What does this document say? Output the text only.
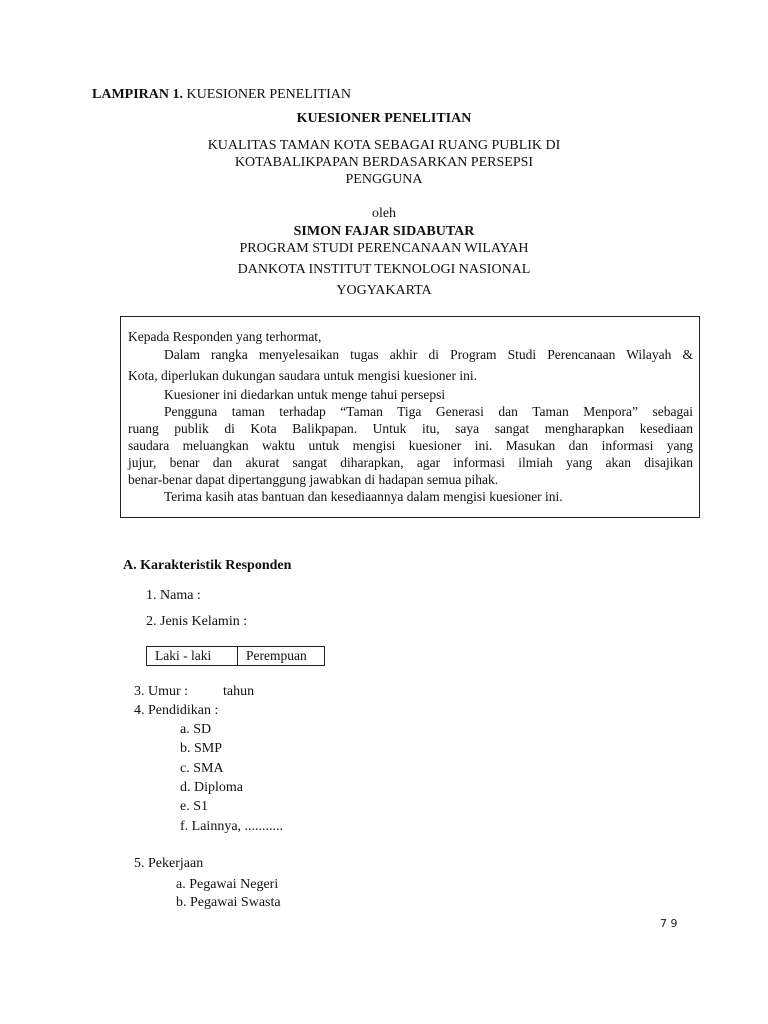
LAMPIRAN 1. KUESIONER PENELITIAN
KUESIONER PENELITIAN
KUALITAS TAMAN KOTA SEBAGAI RUANG PUBLIK DI
KOTABALIKPAPAN BERDASARKAN PERSEPSI
PENGGUNA
oleh
SIMON FAJAR SIDABUTAR
PROGRAM STUDI PERENCANAAN WILAYAH
DANKOTA INSTITUT TEKNOLOGI NASIONAL
YOGYAKARTA
Kepada Responden yang terhormat,
Dalam rangka menyelesaikan tugas akhir di Program Studi Perencanaan Wilayah &
Kota, diperlukan dukungan saudara untuk mengisi kuesioner ini.
Kuesioner ini diedarkan untuk menge tahui persepsi
Pengguna taman terhadap “Taman Tiga Generasi dan Taman Menpora” sebagai
ruang publik di Kota Balikpapan. Untuk itu, saya sangat mengharapkan kesediaan
saudara meluangkan waktu untuk mengisi kuesioner ini. Masukan dan informasi yang
jujur, benar dan akurat sangat diharapkan, agar informasi ilmiah yang akan disajikan
benar-benar dapat dipertanggung jawabkan di hadapan semua pihak.
Terima kasih atas bantuan dan kesediaannya dalam mengisi kuesioner ini.
A. Karakteristik Responden
1. Nama :
2. Jenis Kelamin :
Laki - laki	Perempuan
3. Umur : tahun
4. Pendidikan :
a. SD
b. SMP
c. SMA
d. Diploma
e. S1
f. Lainnya, ...........
5. Pekerjaan
a. Pegawai Negeri
b. Pegawai Swasta
7 9
